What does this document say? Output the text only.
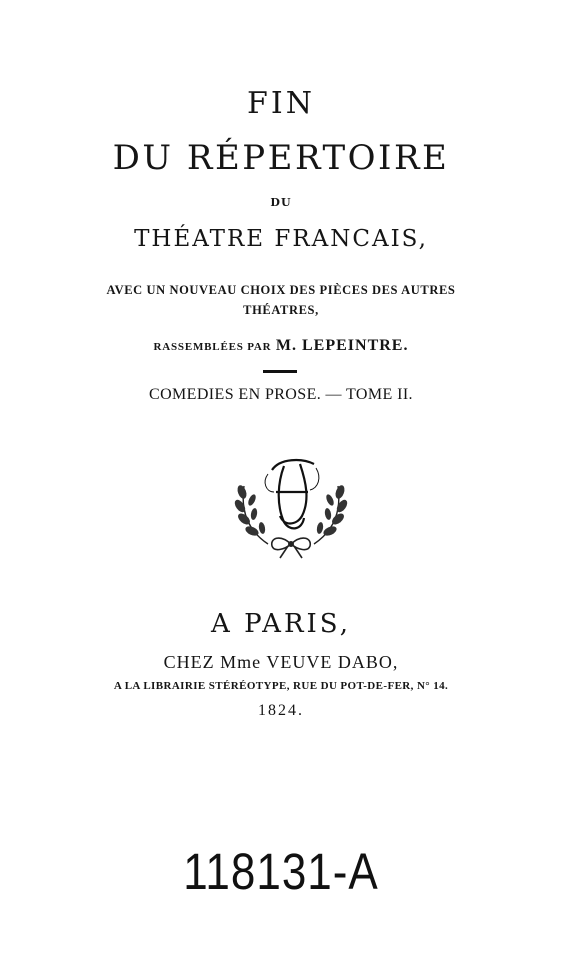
FIN
DU RÉPERTOIRE
DU
THÉATRE FRANCAIS,
AVEC UN NOUVEAU CHOIX DES PIÈCES DES AUTRES
THÉATRES,
RASSEMBLÉES PAR M. LEPEINTRE.
COMEDIES EN PROSE. — TOME II.
A PARIS,
CHEZ Mme VEUVE DABO,
A LA LIBRAIRIE STÉRÉOTYPE, RUE DU POT-DE-FER, N° 14.
1824.
118131-A
